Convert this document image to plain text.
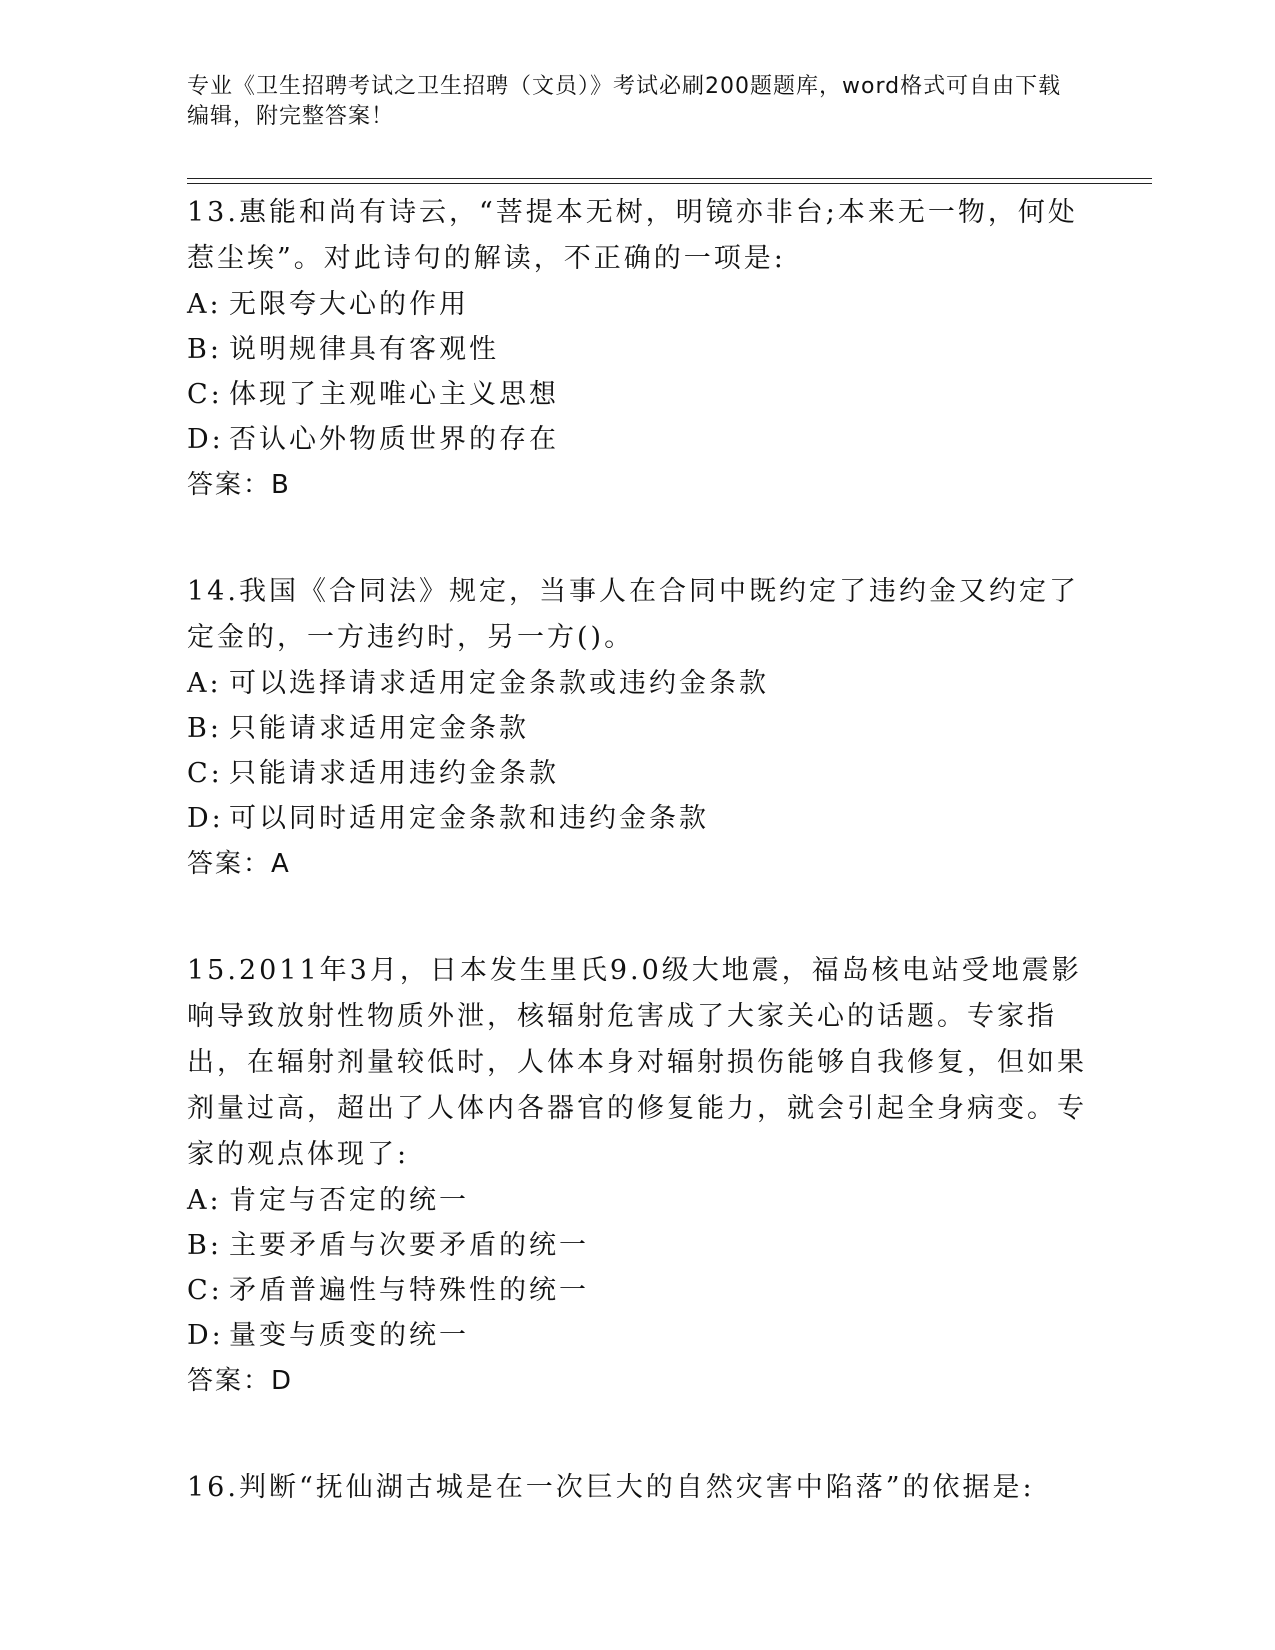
专业《卫生招聘考试之卫生招聘（文员）》考试必刷200题题库，word格式可自由下载编辑，附完整答案！
13.惠能和尚有诗云，“菩提本无树，明镜亦非台;本来无一物，何处惹尘埃”。对此诗句的解读，不正确的一项是:
A: 无限夸大心的作用
B: 说明规律具有客观性
C: 体现了主观唯心主义思想
D: 否认心外物质世界的存在
答案：B
14.我国《合同法》规定，当事人在合同中既约定了违约金又约定了定金的，一方违约时，另一方()。
A: 可以选择请求适用定金条款或违约金条款
B: 只能请求适用定金条款
C: 只能请求适用违约金条款
D: 可以同时适用定金条款和违约金条款
答案：A
15.2011年3月，日本发生里氏9.0级大地震，福岛核电站受地震影响导致放射性物质外泄，核辐射危害成了大家关心的话题。专家指出，在辐射剂量较低时，人体本身对辐射损伤能够自我修复，但如果剂量过高，超出了人体内各器官的修复能力，就会引起全身病变。专家的观点体现了:
A: 肯定与否定的统一
B: 主要矛盾与次要矛盾的统一
C: 矛盾普遍性与特殊性的统一
D: 量变与质变的统一
答案：D
16.判断“抚仙湖古城是在一次巨大的自然灾害中陷落”的依据是:
